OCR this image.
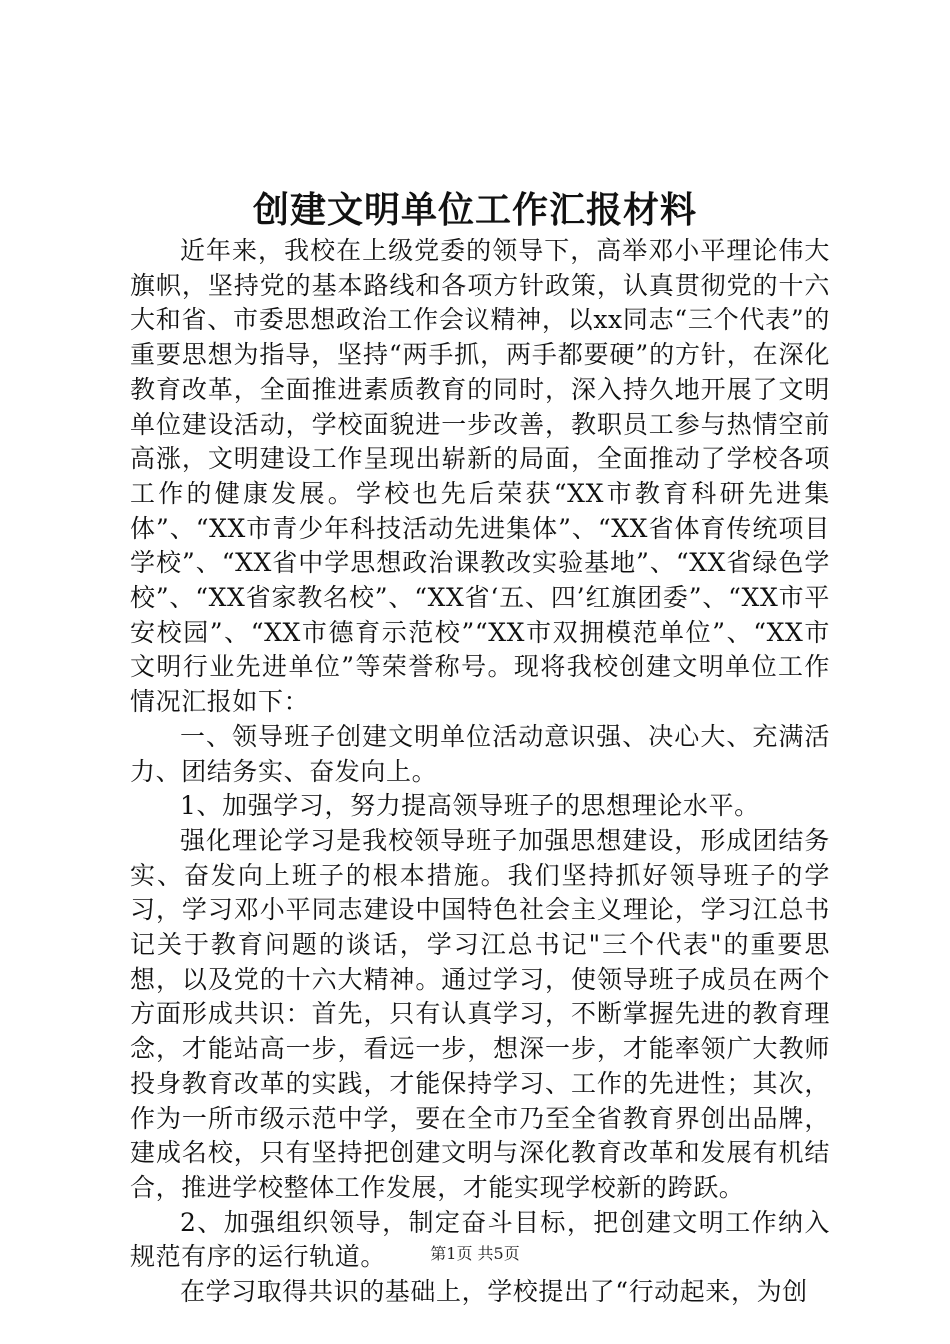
创建文明单位工作汇报材料

近年来，我校在上级党委的领导下，高举邓小平理论伟大旗帜，坚持党的基本路线和各项方针政策，认真贯彻党的十六大和省、市委思想政治工作会议精神，以xx同志“三个代表”的重要思想为指导，坚持“两手抓，两手都要硬”的方针，在深化教育改革，全面推进素质教育的同时，深入持久地开展了文明单位建设活动，学校面貌进一步改善，教职员工参与热情空前高涨，文明建设工作呈现出崭新的局面，全面推动了学校各项工作的健康发展。学校也先后荣获“XX市教育科研先进集体”、“XX市青少年科技活动先进集体”、“XX省体育传统项目学校”、“XX省中学思想政治课教改实验基地”、“XX省绿色学校”、“XX省家教名校”、“XX省‘五、四’红旗团委”、“XX市平安校园”、“XX市德育示范校”“XX市双拥模范单位”、“XX市文明行业先进单位”等荣誉称号。现将我校创建文明单位工作情况汇报如下：

一、领导班子创建文明单位活动意识强、决心大、充满活力、团结务实、奋发向上。

1、加强学习，努力提高领导班子的思想理论水平。

强化理论学习是我校领导班子加强思想建设，形成团结务实、奋发向上班子的根本措施。我们坚持抓好领导班子的学习，学习邓小平同志建设中国特色社会主义理论，学习江总书记关于教育问题的谈话，学习江总书记"三个代表"的重要思想，以及党的十六大精神。通过学习，使领导班子成员在两个方面形成共识：首先，只有认真学习，不断掌握先进的教育理念，才能站高一步，看远一步，想深一步，才能率领广大教师投身教育改革的实践，才能保持学习、工作的先进性；其次，作为一所市级示范中学，要在全市乃至全省教育界创出品牌，建成名校，只有坚持把创建文明与深化教育改革和发展有机结合，推进学校整体工作发展，才能实现学校新的跨跃。

2、加强组织领导，制定奋斗目标，把创建文明工作纳入规范有序的运行轨道。

在学习取得共识的基础上，学校提出了“行动起来，为创

第1页 共5页
